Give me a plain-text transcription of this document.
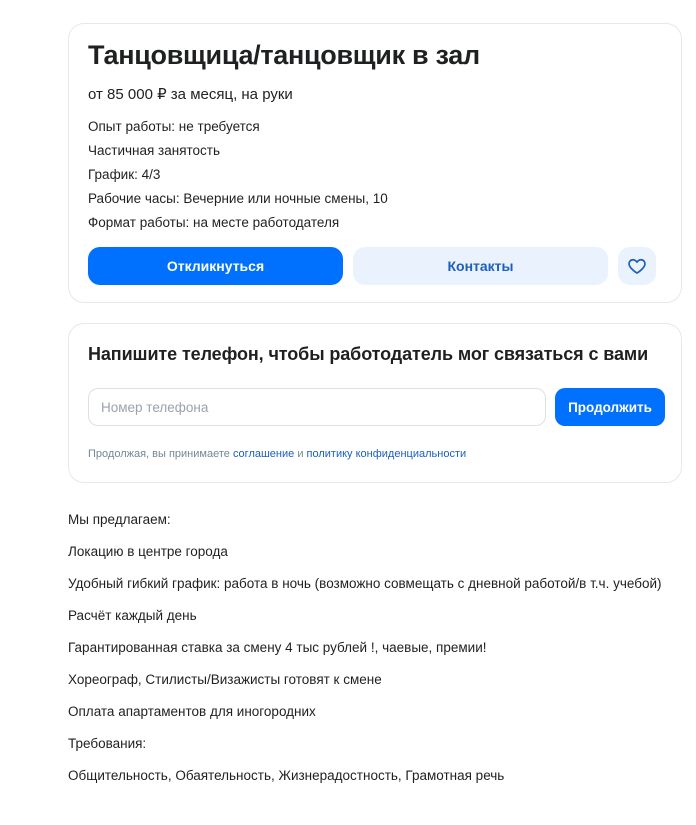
Танцовщица/танцовщик в зал
от 85 000 ₽ за месяц, на руки
Опыт работы: не требуется
Частичная занятость
График: 4/3
Рабочие часы: Вечерние или ночные смены, 10
Формат работы: на месте работодателя
Откликнуться	Контакты
Напишите телефон, чтобы работодатель мог связаться с вами
Номер телефона
Продолжить
Продолжая, вы принимаете соглашение и политику конфиденциальности

Мы предлагаем:

Локацию в центре города

Удобный гибкий график: работа в ночь (возможно совмещать с дневной работой/в т.ч. учебой)

Расчёт каждый день

Гарантированная ставка за смену 4 тыс рублей !, чаевые, премии!

Хореограф, Стилисты/Визажисты готовят к смене

Оплата апартаментов для иногородних

Требования:

Общительность, Обаятельность, Жизнерадостность, Грамотная речь
